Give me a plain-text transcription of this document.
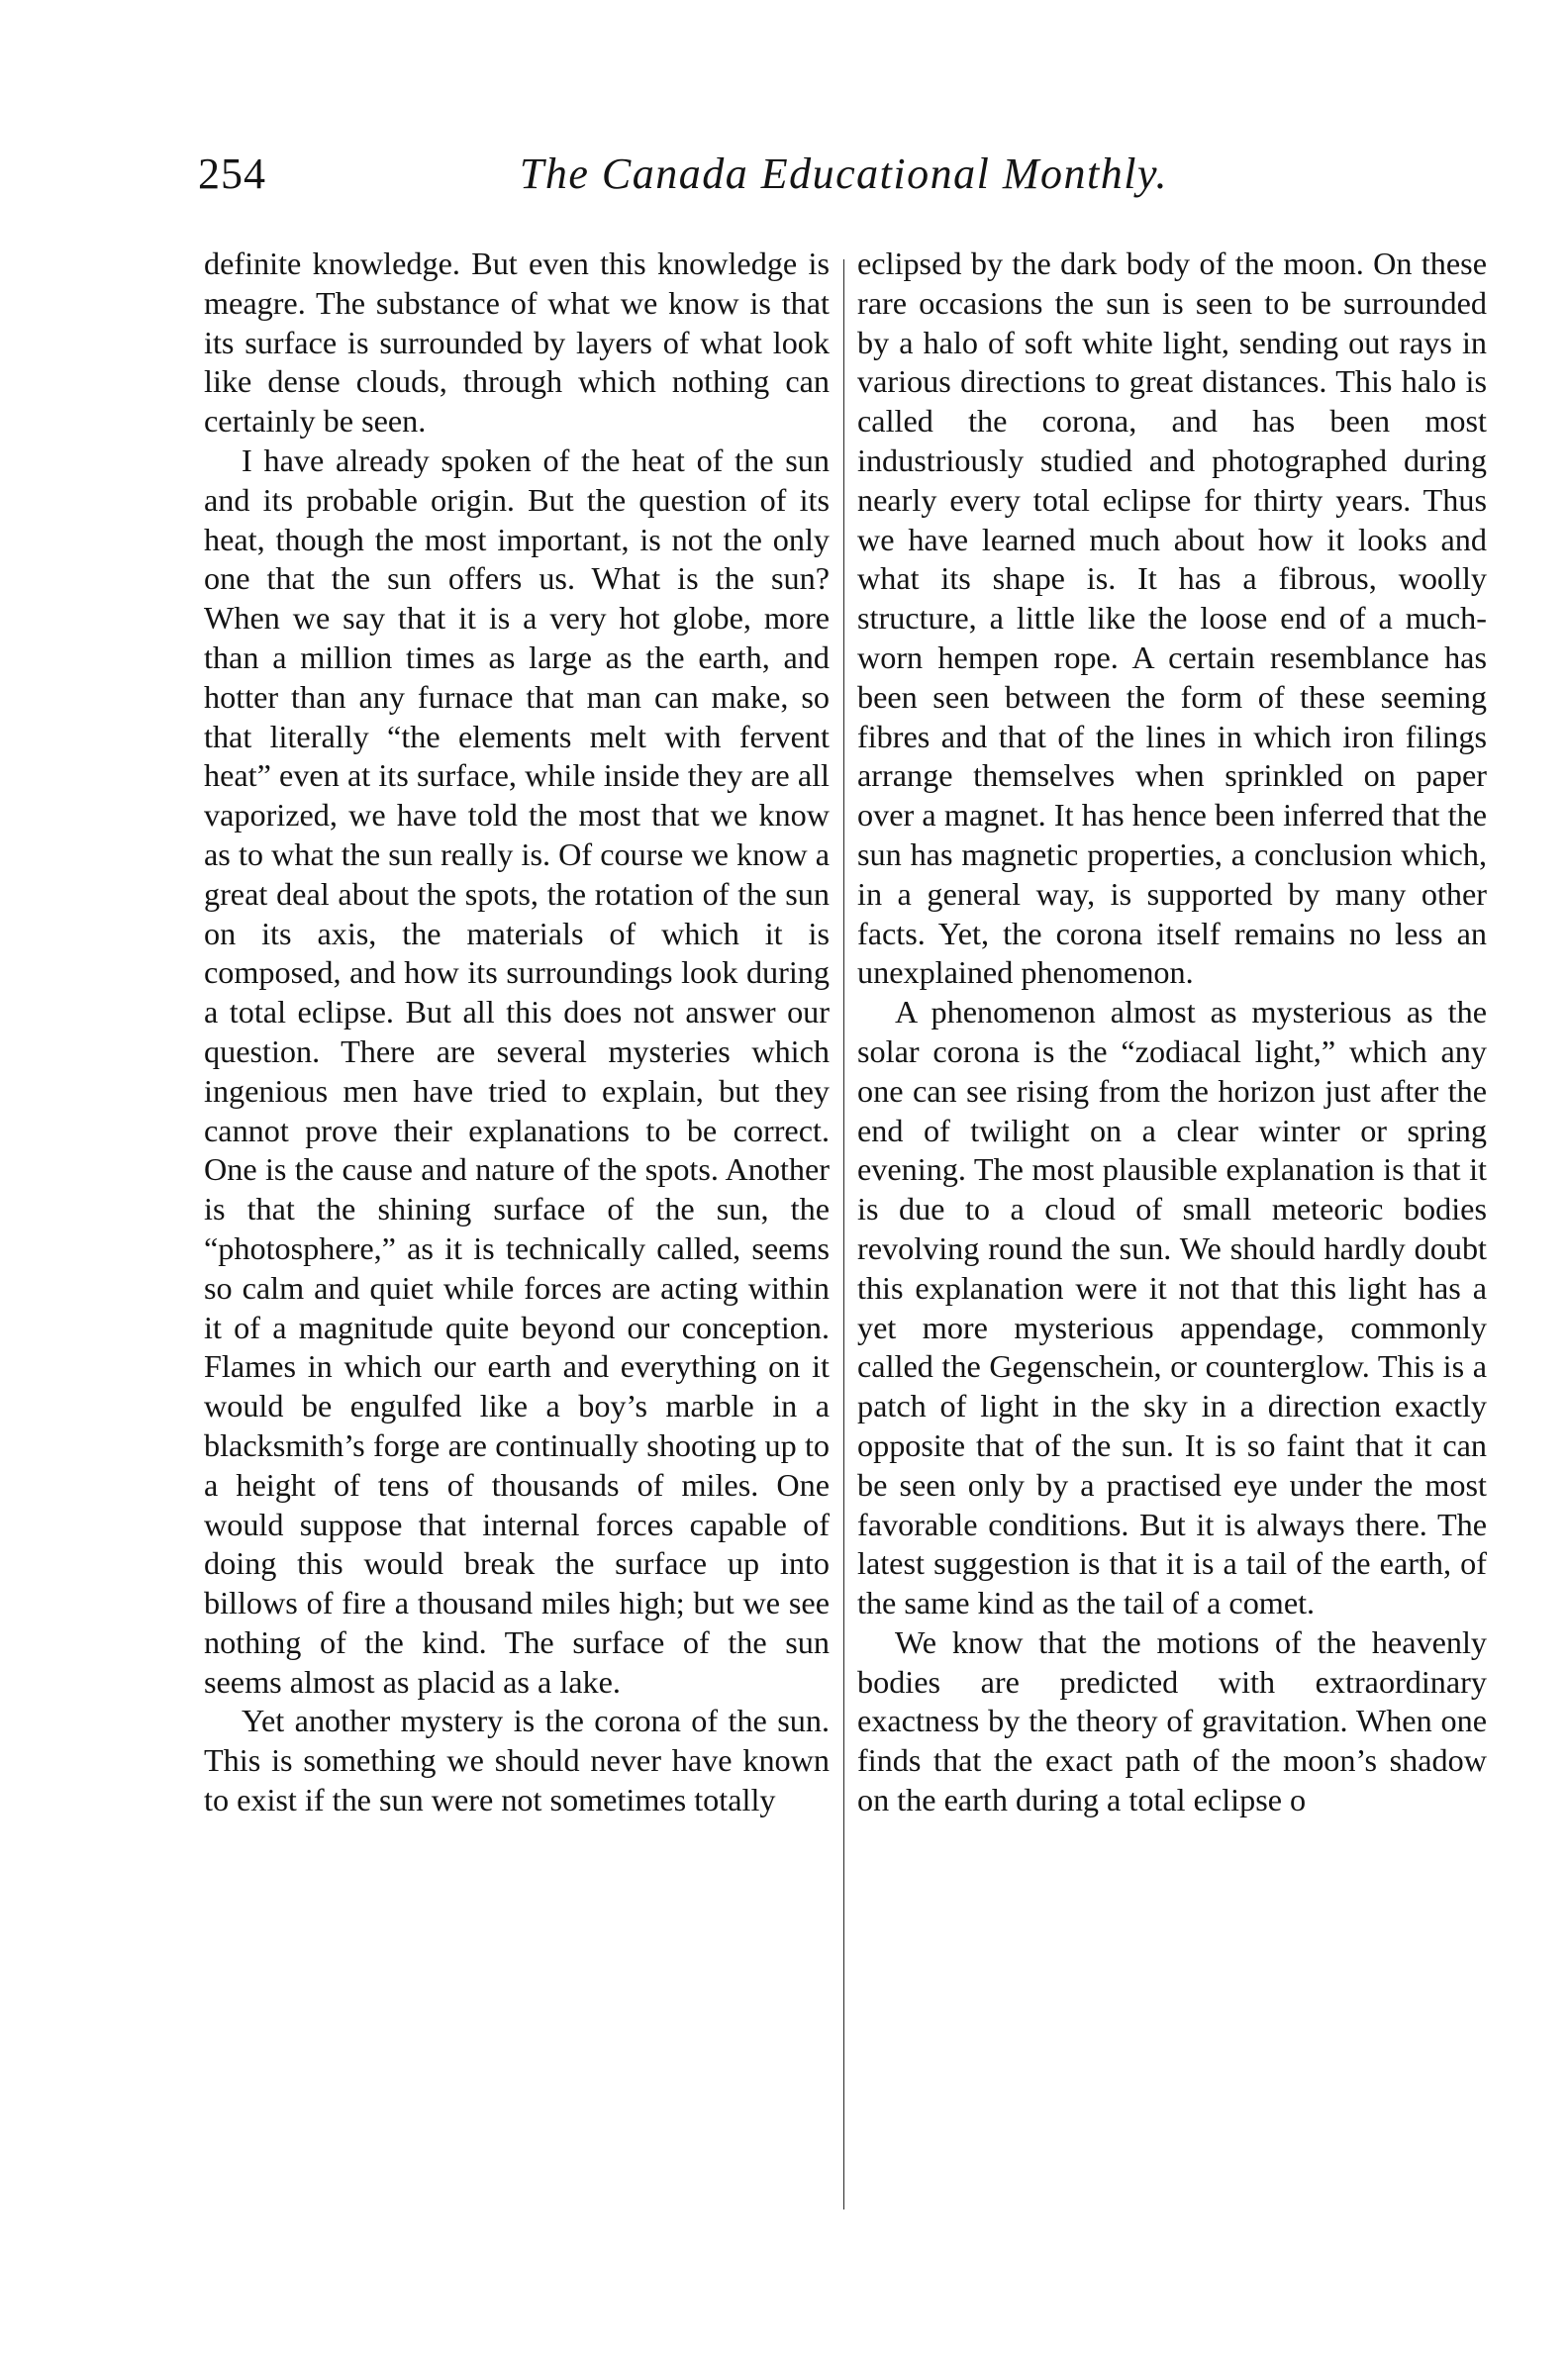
254	The Canada Educational Monthly.

definite knowledge. But even this knowledge is meagre. The substance of what we know is that its surface is surrounded by layers of what look like dense clouds, through which nothing can certainly be seen.

I have already spoken of the heat of the sun and its probable origin. But the question of its heat, though the most important, is not the only one that the sun offers us. What is the sun? When we say that it is a very hot globe, more than a million times as large as the earth, and hotter than any furnace that man can make, so that literally “the elements melt with fervent heat” even at its surface, while inside they are all vaporized, we have told the most that we know as to what the sun really is. Of course we know a great deal about the spots, the rotation of the sun on its axis, the materials of which it is composed, and how its surroundings look during a total eclipse. But all this does not answer our question. There are several mysteries which ingenious men have tried to explain, but they cannot prove their explanations to be correct. One is the cause and nature of the spots. Another is that the shining surface of the sun, the “photosphere,” as it is technically called, seems so calm and quiet while forces are acting within it of a magnitude quite beyond our conception. Flames in which our earth and everything on it would be engulfed like a boy’s marble in a blacksmith’s forge are continually shooting up to a height of tens of thousands of miles. One would suppose that internal forces capable of doing this would break the surface up into billows of fire a thousand miles high; but we see nothing of the kind. The surface of the sun seems almost as placid as a lake.

Yet another mystery is the corona of the sun. This is something we should never have known to exist if the sun were not sometimes totally

eclipsed by the dark body of the moon. On these rare occasions the sun is seen to be surrounded by a halo of soft white light, sending out rays in various directions to great distances. This halo is called the corona, and has been most industriously studied and photographed during nearly every total eclipse for thirty years. Thus we have learned much about how it looks and what its shape is. It has a fibrous, woolly structure, a little like the loose end of a much-worn hempen rope. A certain resemblance has been seen between the form of these seeming fibres and that of the lines in which iron filings arrange themselves when sprinkled on paper over a magnet. It has hence been inferred that the sun has magnetic properties, a conclusion which, in a general way, is supported by many other facts. Yet, the corona itself remains no less an unexplained phenomenon.

A phenomenon almost as mysterious as the solar corona is the “zodiacal light,” which any one can see rising from the horizon just after the end of twilight on a clear winter or spring evening. The most plausible explanation is that it is due to a cloud of small meteoric bodies revolving round the sun. We should hardly doubt this explanation were it not that this light has a yet more mysterious appendage, commonly called the Gegenschein, or counterglow. This is a patch of light in the sky in a direction exactly opposite that of the sun. It is so faint that it can be seen only by a practised eye under the most favorable conditions. But it is always there. The latest suggestion is that it is a tail of the earth, of the same kind as the tail of a comet.

We know that the motions of the heavenly bodies are predicted with extraordinary exactness by the theory of gravitation. When one finds that the exact path of the moon’s shadow on the earth during a total eclipse o
